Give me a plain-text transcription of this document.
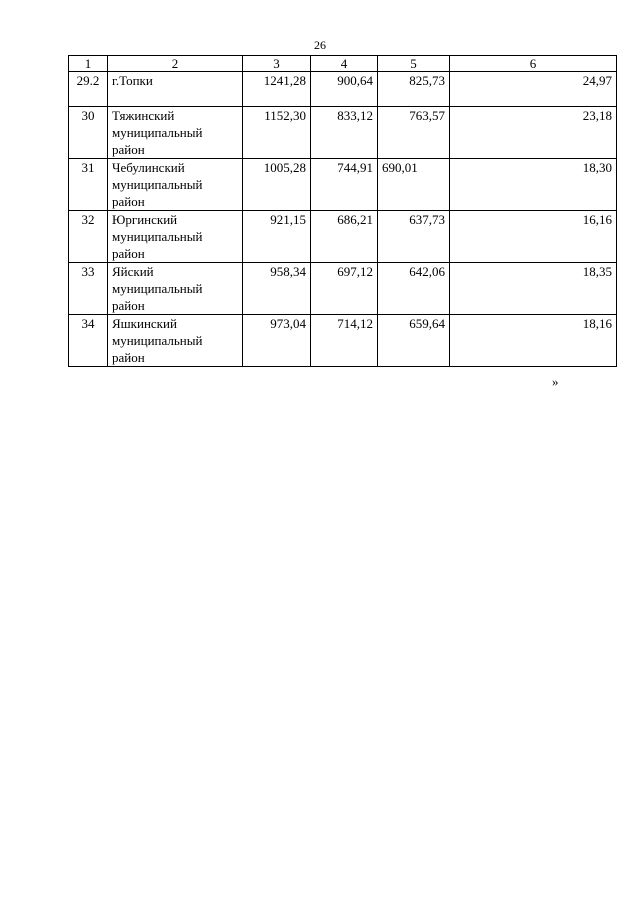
26
1	2	3	4	5	6
29.2	г.Топки	1241,28	900,64	825,73	24,97
30	Тяжинский
муниципальный
район	1152,30	833,12	763,57	23,18
31	Чебулинский
муниципальный
район	1005,28	744,91	690,01	18,30
32	Юргинский
муниципальный
район	921,15	686,21	637,73	16,16
33	Яйский
муниципальный
район	958,34	697,12	642,06	18,35
34	Яшкинский
муниципальный
район	973,04	714,12	659,64	18,16
»
